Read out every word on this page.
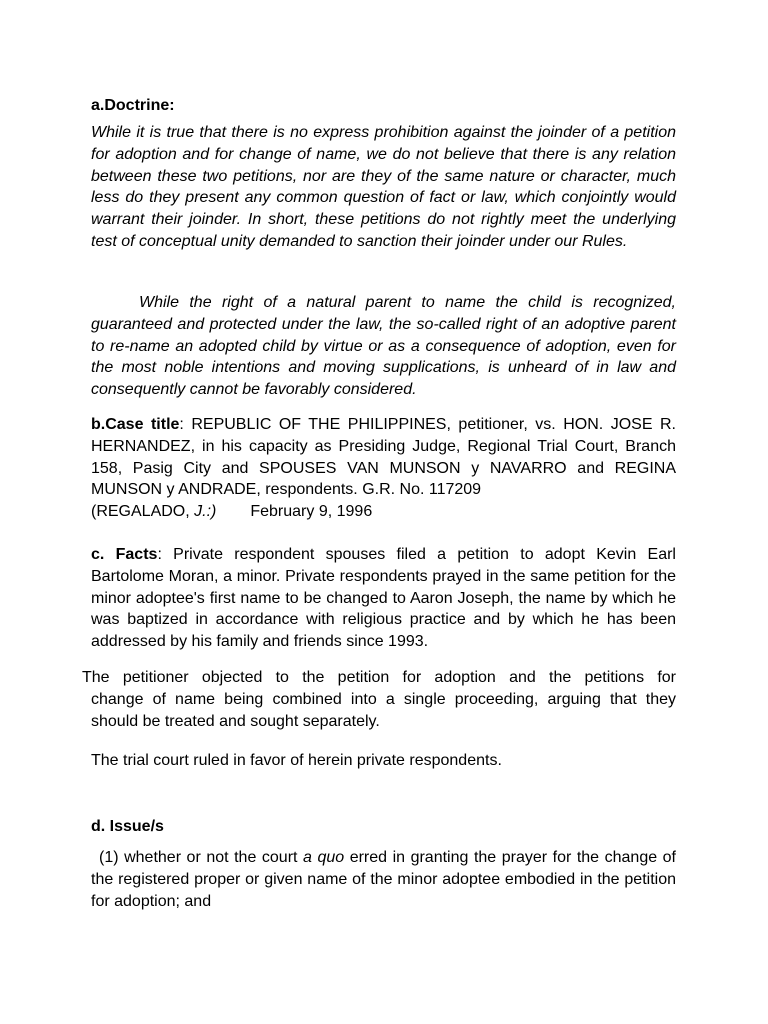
a.Doctrine:

While it is true that there is no express prohibition against the joinder of a petition for adoption and for change of name, we do not believe that there is any relation between these two petitions, nor are they of the same nature or character, much less do they present any common question of fact or law, which conjointly would warrant their joinder. In short, these petitions do not rightly meet the underlying test of conceptual unity demanded to sanction their joinder under our Rules.

While the right of a natural parent to name the child is recognized, guaranteed and protected under the law, the so-called right of an adoptive parent to re-name an adopted child by virtue or as a consequence of adoption, even for the most noble intentions and moving supplications, is unheard of in law and consequently cannot be favorably considered.

b.Case title: REPUBLIC OF THE PHILIPPINES, petitioner, vs. HON. JOSE R. HERNANDEZ, in his capacity as Presiding Judge, Regional Trial Court, Branch 158, Pasig City and SPOUSES VAN MUNSON y NAVARRO and REGINA MUNSON y ANDRADE, respondents. G.R. No. 117209
(REGALADO, J.:) February 9, 1996

c. Facts: Private respondent spouses filed a petition to adopt Kevin Earl Bartolome Moran, a minor. Private respondents prayed in the same petition for the minor adoptee's first name to be changed to Aaron Joseph, the name by which he was baptized in accordance with religious practice and by which he has been addressed by his family and friends since 1993.

The petitioner objected to the petition for adoption and the petitions for

change of name being combined into a single proceeding, arguing that they should be treated and sought separately.

The trial court ruled in favor of herein private respondents.

d. Issue/s

(1) whether or not the court a quo erred in granting the prayer for the change of the registered proper or given name of the minor adoptee embodied in the petition for adoption; and
